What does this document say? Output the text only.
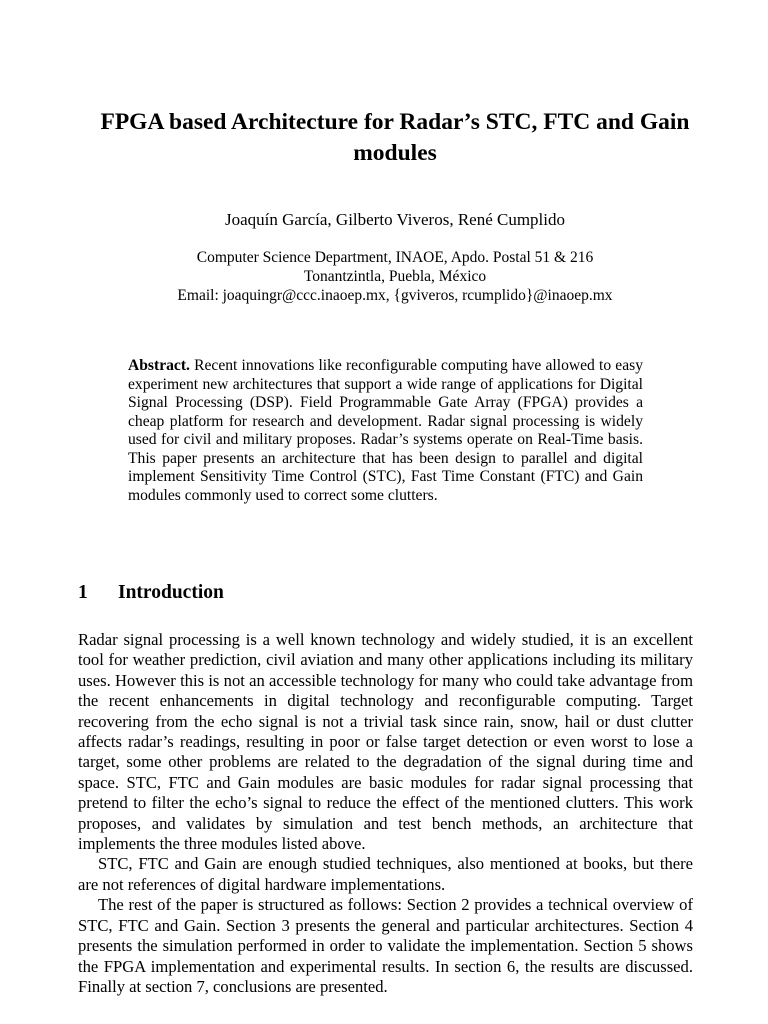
FPGA based Architecture for Radar’s STC, FTC and Gain modules

Joaquín García, Gilberto Viveros, René Cumplido

Computer Science Department, INAOE, Apdo. Postal 51 & 216
Tonantzintla, Puebla, México
Email: joaquingr@ccc.inaoep.mx, {gviveros, rcumplido}@inaoep.mx

Abstract. Recent innovations like reconfigurable computing have allowed to easy experiment new architectures that support a wide range of applications for Digital Signal Processing (DSP). Field Programmable Gate Array (FPGA) provides a cheap platform for research and development. Radar signal processing is widely used for civil and military proposes. Radar’s systems operate on Real-Time basis. This paper presents an architecture that has been design to parallel and digital implement Sensitivity Time Control (STC), Fast Time Constant (FTC) and Gain modules commonly used to correct some clutters.

1 Introduction

Radar signal processing is a well known technology and widely studied, it is an excellent tool for weather prediction, civil aviation and many other applications including its military uses. However this is not an accessible technology for many who could take advantage from the recent enhancements in digital technology and reconfigurable computing. Target recovering from the echo signal is not a trivial task since rain, snow, hail or dust clutter affects radar’s readings, resulting in poor or false target detection or even worst to lose a target, some other problems are related to the degradation of the signal during time and space. STC, FTC and Gain modules are basic modules for radar signal processing that pretend to filter the echo’s signal to reduce the effect of the mentioned clutters. This work proposes, and validates by simulation and test bench methods, an architecture that implements the three modules listed above.

STC, FTC and Gain are enough studied techniques, also mentioned at books, but there are not references of digital hardware implementations.

The rest of the paper is structured as follows: Section 2 provides a technical overview of STC, FTC and Gain. Section 3 presents the general and particular architectures. Section 4 presents the simulation performed in order to validate the implementation. Section 5 shows the FPGA implementation and experimental results. In section 6, the results are discussed. Finally at section 7, conclusions are presented.
